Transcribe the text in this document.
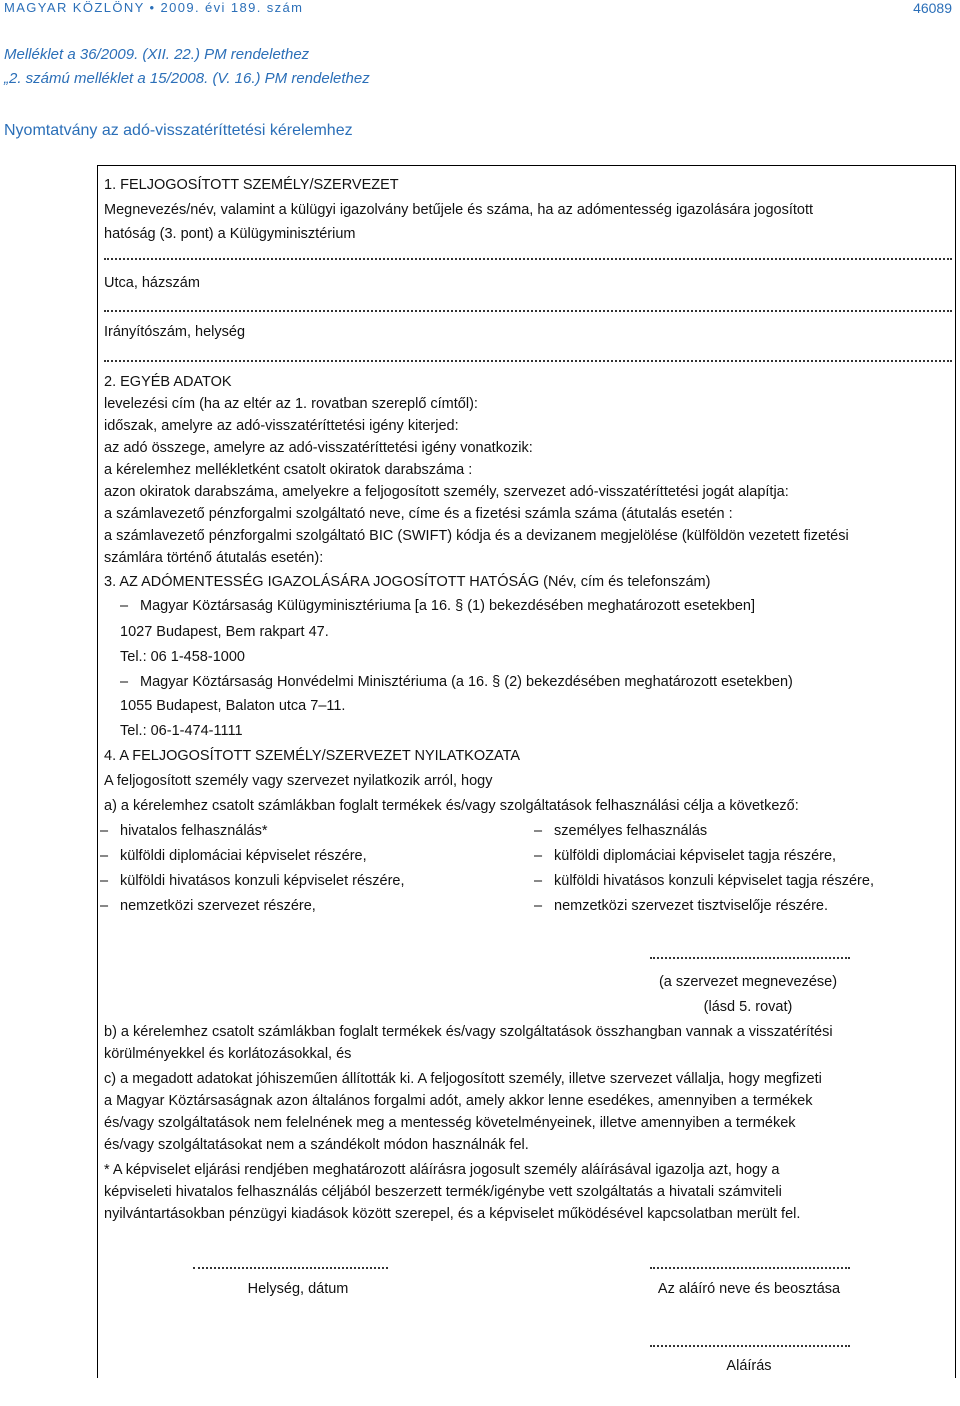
MAGYAR KÖZLÖNY • 2009. évi 189. szám	46089
Melléklet a 36/2009. (XII. 22.) PM rendelethez
„2. számú melléklet a 15/2008. (V. 16.) PM rendelethez
Nyomtatvány az adó-visszatéríttetési kérelemhez
1. FELJOGOSÍTOTT SZEMÉLY/SZERVEZET
Megnevezés/név, valamint a külügyi igazolvány betűjele és száma, ha az adómentesség igazolására jogosított
hatóság (3. pont) a Külügyminisztérium
Utca, házszám
Irányítószám, helység
2. EGYÉB ADATOK
levelezési cím (ha az eltér az 1. rovatban szereplő címtől):
időszak, amelyre az adó-visszatéríttetési igény kiterjed:
az adó összege, amelyre az adó-visszatéríttetési igény vonatkozik:
a kérelemhez mellékletként csatolt okiratok darabszáma :
azon okiratok darabszáma, amelyekre a feljogosított személy, szervezet adó-visszatéríttetési jogát alapítja:
a számlavezető pénzforgalmi szolgáltató neve, címe és a fizetési számla száma (átutalás esetén :
a számlavezető pénzforgalmi szolgáltató BIC (SWIFT) kódja és a devizanem megjelölése (külföldön vezetett fizetési
számlára történő átutalás esetén):
3. AZ ADÓMENTESSÉG IGAZOLÁSÁRA JOGOSÍTOTT HATÓSÁG (Név, cím és telefonszám)
– Magyar Köztársaság Külügyminisztériuma [a 16. § (1) bekezdésében meghatározott esetekben]
1027 Budapest, Bem rakpart 47.
Tel.: 06 1-458-1000
– Magyar Köztársaság Honvédelmi Minisztériuma (a 16. § (2) bekezdésében meghatározott esetekben)
1055 Budapest, Balaton utca 7–11.
Tel.: 06-1-474-1111
4. A FELJOGOSÍTOTT SZEMÉLY/SZERVEZET NYILATKOZATA
A feljogosított személy vagy szervezet nyilatkozik arról, hogy
a) a kérelemhez csatolt számlákban foglalt termékek és/vagy szolgáltatások felhasználási célja a következő:
– hivatalos felhasználás*
– külföldi diplomáciai képviselet részére,
– külföldi hivatásos konzuli képviselet részére,
– nemzetközi szervezet részére,
– személyes felhasználás
– külföldi diplomáciai képviselet tagja részére,
– külföldi hivatásos konzuli képviselet tagja részére,
– nemzetközi szervezet tisztviselője részére.
(a szervezet megnevezése)
(lásd 5. rovat)
b) a kérelemhez csatolt számlákban foglalt termékek és/vagy szolgáltatások összhangban vannak a visszatérítési
körülményekkel és korlátozásokkal, és
c) a megadott adatokat jóhiszeműen állították ki. A feljogosított személy, illetve szervezet vállalja, hogy megfizeti
a Magyar Köztársaságnak azon általános forgalmi adót, amely akkor lenne esedékes, amennyiben a termékek
és/vagy szolgáltatások nem felelnének meg a mentesség követelményeinek, illetve amennyiben a termékek
és/vagy szolgáltatásokat nem a szándékolt módon használnák fel.
* A képviselet eljárási rendjében meghatározott aláírásra jogosult személy aláírásával igazolja azt, hogy a
képviseleti hivatalos felhasználás céljából beszerzett termék/igénybe vett szolgáltatás a hivatali számviteli
nyilvántartásokban pénzügyi kiadások között szerepel, és a képviselet működésével kapcsolatban merült fel.
Helység, dátum	Az aláíró neve és beosztása
Aláírás
